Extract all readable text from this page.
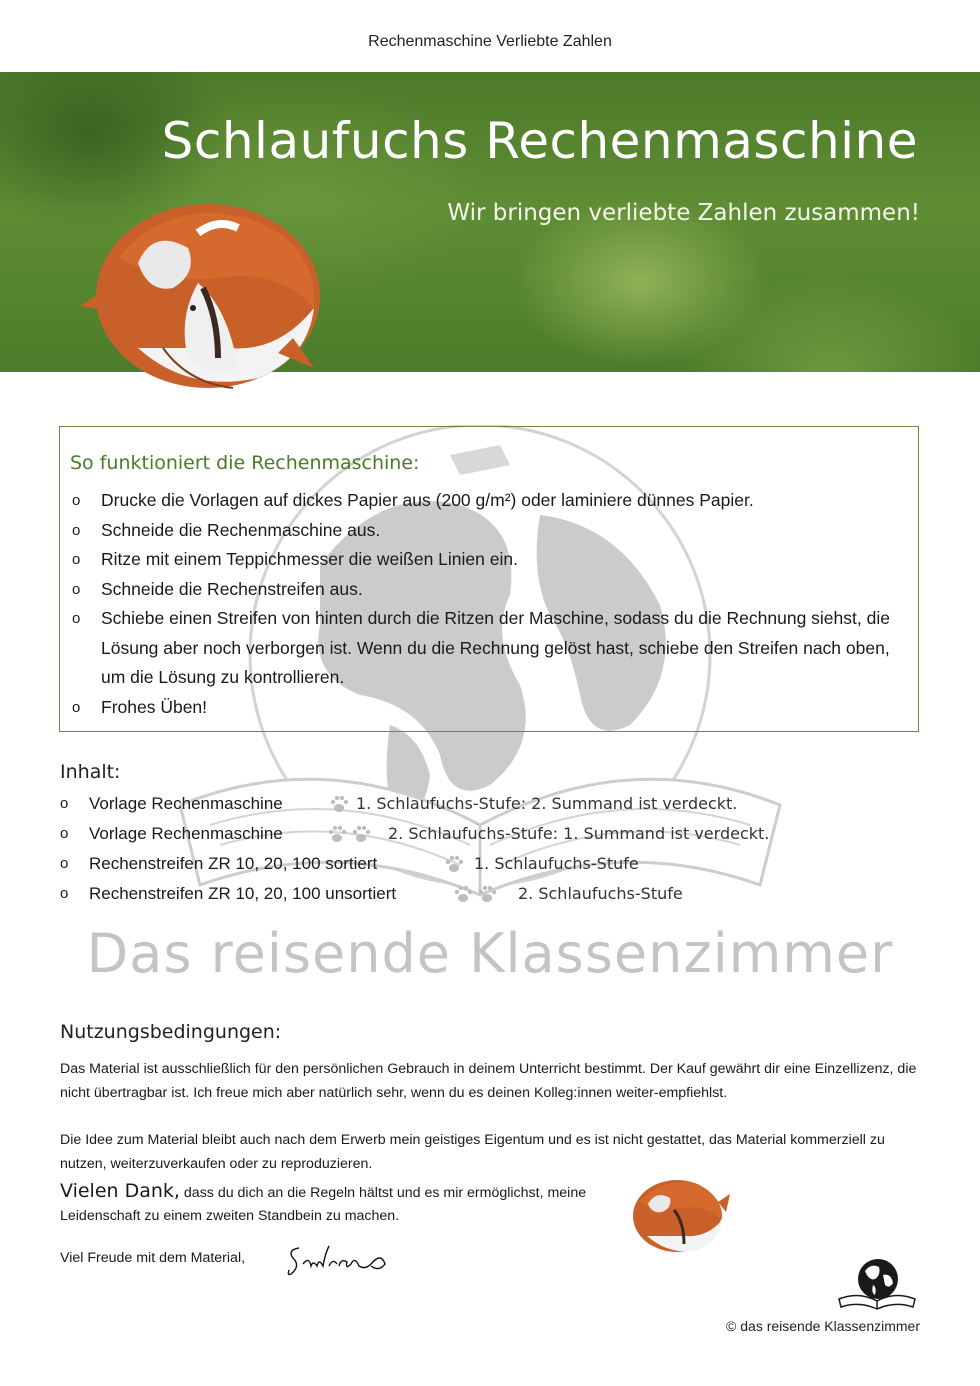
Rechenmaschine Verliebte Zahlen
Schlaufuchs Rechenmaschine
Wir bringen verliebte Zahlen zusammen!
Das reisende Klassenzimmer
So funktioniert die Rechenmaschine:
o Drucke die Vorlagen auf dickes Papier aus (200 g/m²) oder laminiere dünnes Papier.
o Schneide die Rechenmaschine aus.
o Ritze mit einem Teppichmesser die weißen Linien ein.
o Schneide die Rechenstreifen aus.
o Schiebe einen Streifen von hinten durch die Ritzen der Maschine, sodass du die Rechnung siehst, die Lösung aber noch verborgen ist. Wenn du die Rechnung gelöst hast, schiebe den Streifen nach oben, um die Lösung zu kontrollieren.
o Frohes Üben!
Inhalt:
o Vorlage Rechenmaschine	1. Schlaufuchs-Stufe: 2. Summand ist verdeckt.
o Vorlage Rechenmaschine	2. Schlaufuchs-Stufe: 1. Summand ist verdeckt.
o Rechenstreifen ZR 10, 20, 100 sortiert	1. Schlaufuchs-Stufe
o Rechenstreifen ZR 10, 20, 100 unsortiert	2. Schlaufuchs-Stufe
Nutzungsbedingungen:

Das Material ist ausschließlich für den persönlichen Gebrauch in deinem Unterricht bestimmt. Der Kauf gewährt dir eine Einzellizenz, die nicht übertragbar ist. Ich freue mich aber natürlich sehr, wenn du es deinen Kolleg:innen weiter-empfiehlst.

Die Idee zum Material bleibt auch nach dem Erwerb mein geistiges Eigentum und es ist nicht gestattet, das Material kommerziell zu nutzen, weiterzuverkaufen oder zu reproduzieren.

Vielen Dank, dass du dich an die Regeln hältst und es mir ermöglichst, meine Leidenschaft zu einem zweiten Standbein zu machen.
Viel Freude mit dem Material,
© das reisende Klassenzimmer
